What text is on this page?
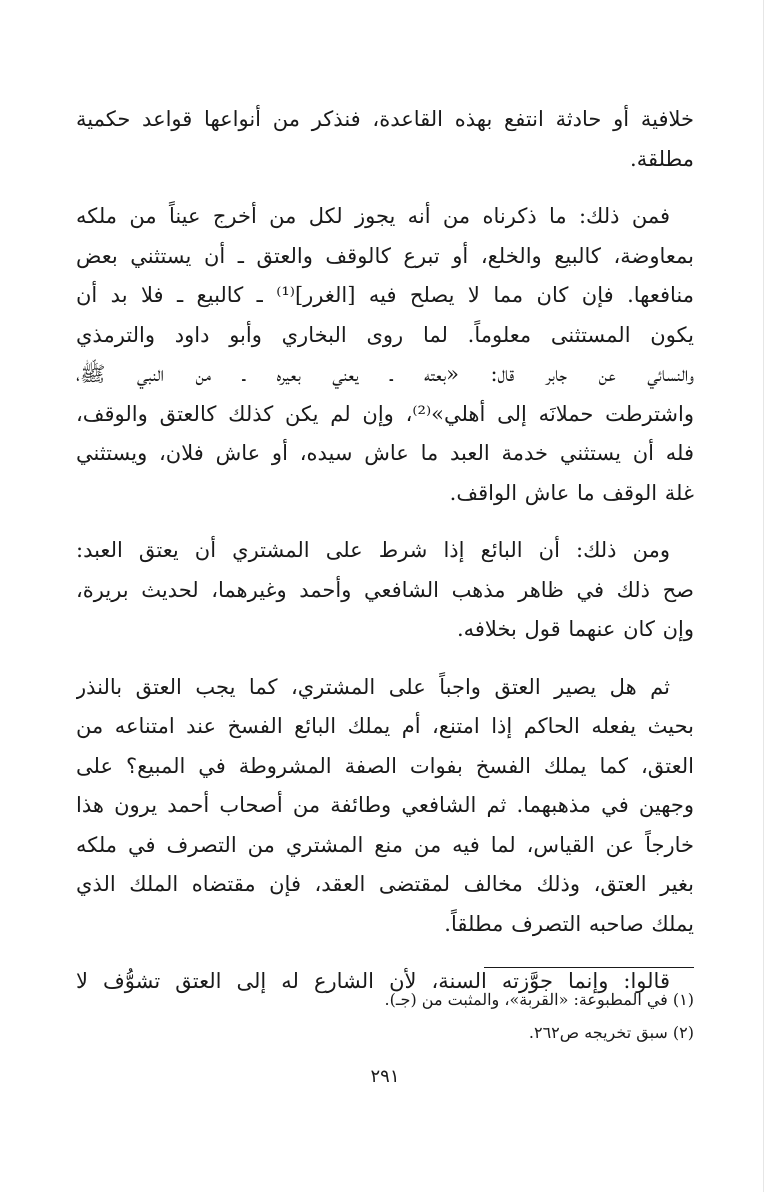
خلافية أو حادثة انتفع بهذه القاعدة، فنذكر من أنواعها قواعد حكمية
مطلقة.

فمن ذلك: ما ذكرناه من أنه يجوز لكل من أخرج عيناً من ملكه
بمعاوضة، كالبيع والخلع، أو تبرع كالوقف والعتق ـ أن يستثني بعض
منافعها. فإن كان مما لا يصلح فيه [الغرر]⁽¹⁾ ـ كالبيع ـ فلا بد أن
يكون المستثنى معلوماً. لما روى البخاري وأبو داود والترمذي
والنسائي عن جابر قال: «بعته ـ يعني بعيره ـ من النبي ﷺ،
واشترطت حملانَه إلى أهلي»⁽²⁾، وإن لم يكن كذلك كالعتق والوقف،
فله أن يستثني خدمة العبد ما عاش سيده، أو عاش فلان، ويستثني
غلة الوقف ما عاش الواقف.

ومن ذلك: أن البائع إذا شرط على المشتري أن يعتق العبد:
صح ذلك في ظاهر مذهب الشافعي وأحمد وغيرهما، لحديث بريرة،
وإن كان عنهما قول بخلافه.

ثم هل يصير العتق واجباً على المشتري، كما يجب العتق بالنذر
بحيث يفعله الحاكم إذا امتنع، أم يملك البائع الفسخ عند امتناعه من
العتق، كما يملك الفسخ بفوات الصفة المشروطة في المبيع؟ على
وجهين في مذهبهما. ثم الشافعي وطائفة من أصحاب أحمد يرون هذا
خارجاً عن القياس، لما فيه من منع المشتري من التصرف في ملكه
بغير العتق، وذلك مخالف لمقتضى العقد، فإن مقتضاه الملك الذي
يملك صاحبه التصرف مطلقاً.

قالوا: وإنما جوَّزته السنة، لأن الشارع له إلى العتق تشوُّف لا

(١) في المطبوعة: «القربة»، والمثبت من (جـ).

(٢) سبق تخريجه ص٢٦٢.

٢٩١
